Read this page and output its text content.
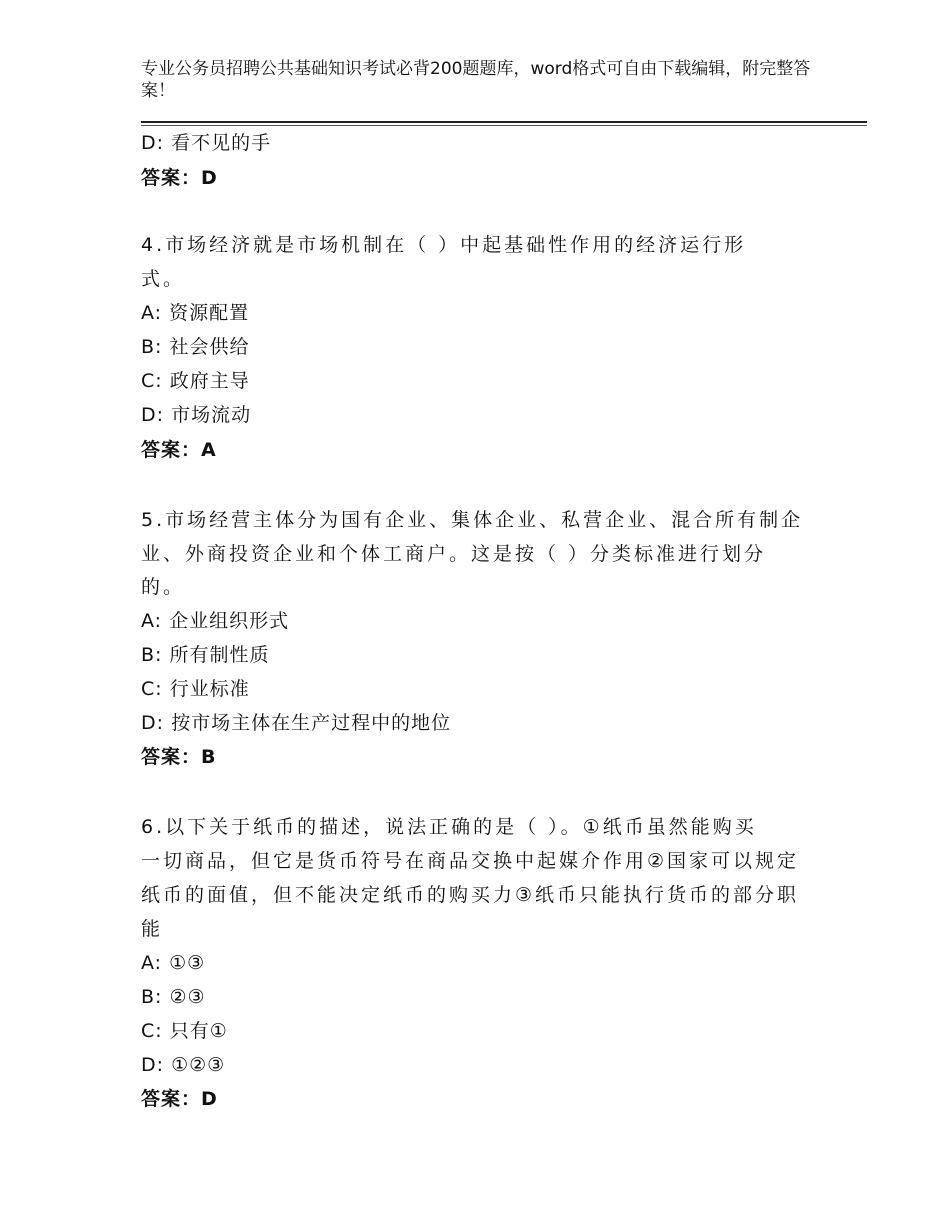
专业公务员招聘公共基础知识考试必背200题题库，word格式可自由下载编辑，附完整答案！
D: 看不见的手
答案：D
4.市场经济就是市场机制在（ ）中起基础性作用的经济运行形
式。
A: 资源配置
B: 社会供给
C: 政府主导
D: 市场流动
答案：A
5.市场经营主体分为国有企业、集体企业、私营企业、混合所有制企
业、外商投资企业和个体工商户。这是按（ ）分类标准进行划分
的。
A: 企业组织形式
B: 所有制性质
C: 行业标准
D: 按市场主体在生产过程中的地位
答案：B
6.以下关于纸币的描述，说法正确的是（ ）。①纸币虽然能购买
一切商品，但它是货币符号在商品交换中起媒介作用②国家可以规定
纸币的面值，但不能决定纸币的购买力③纸币只能执行货币的部分职
能
A: ①③
B: ②③
C: 只有①
D: ①②③
答案：D
